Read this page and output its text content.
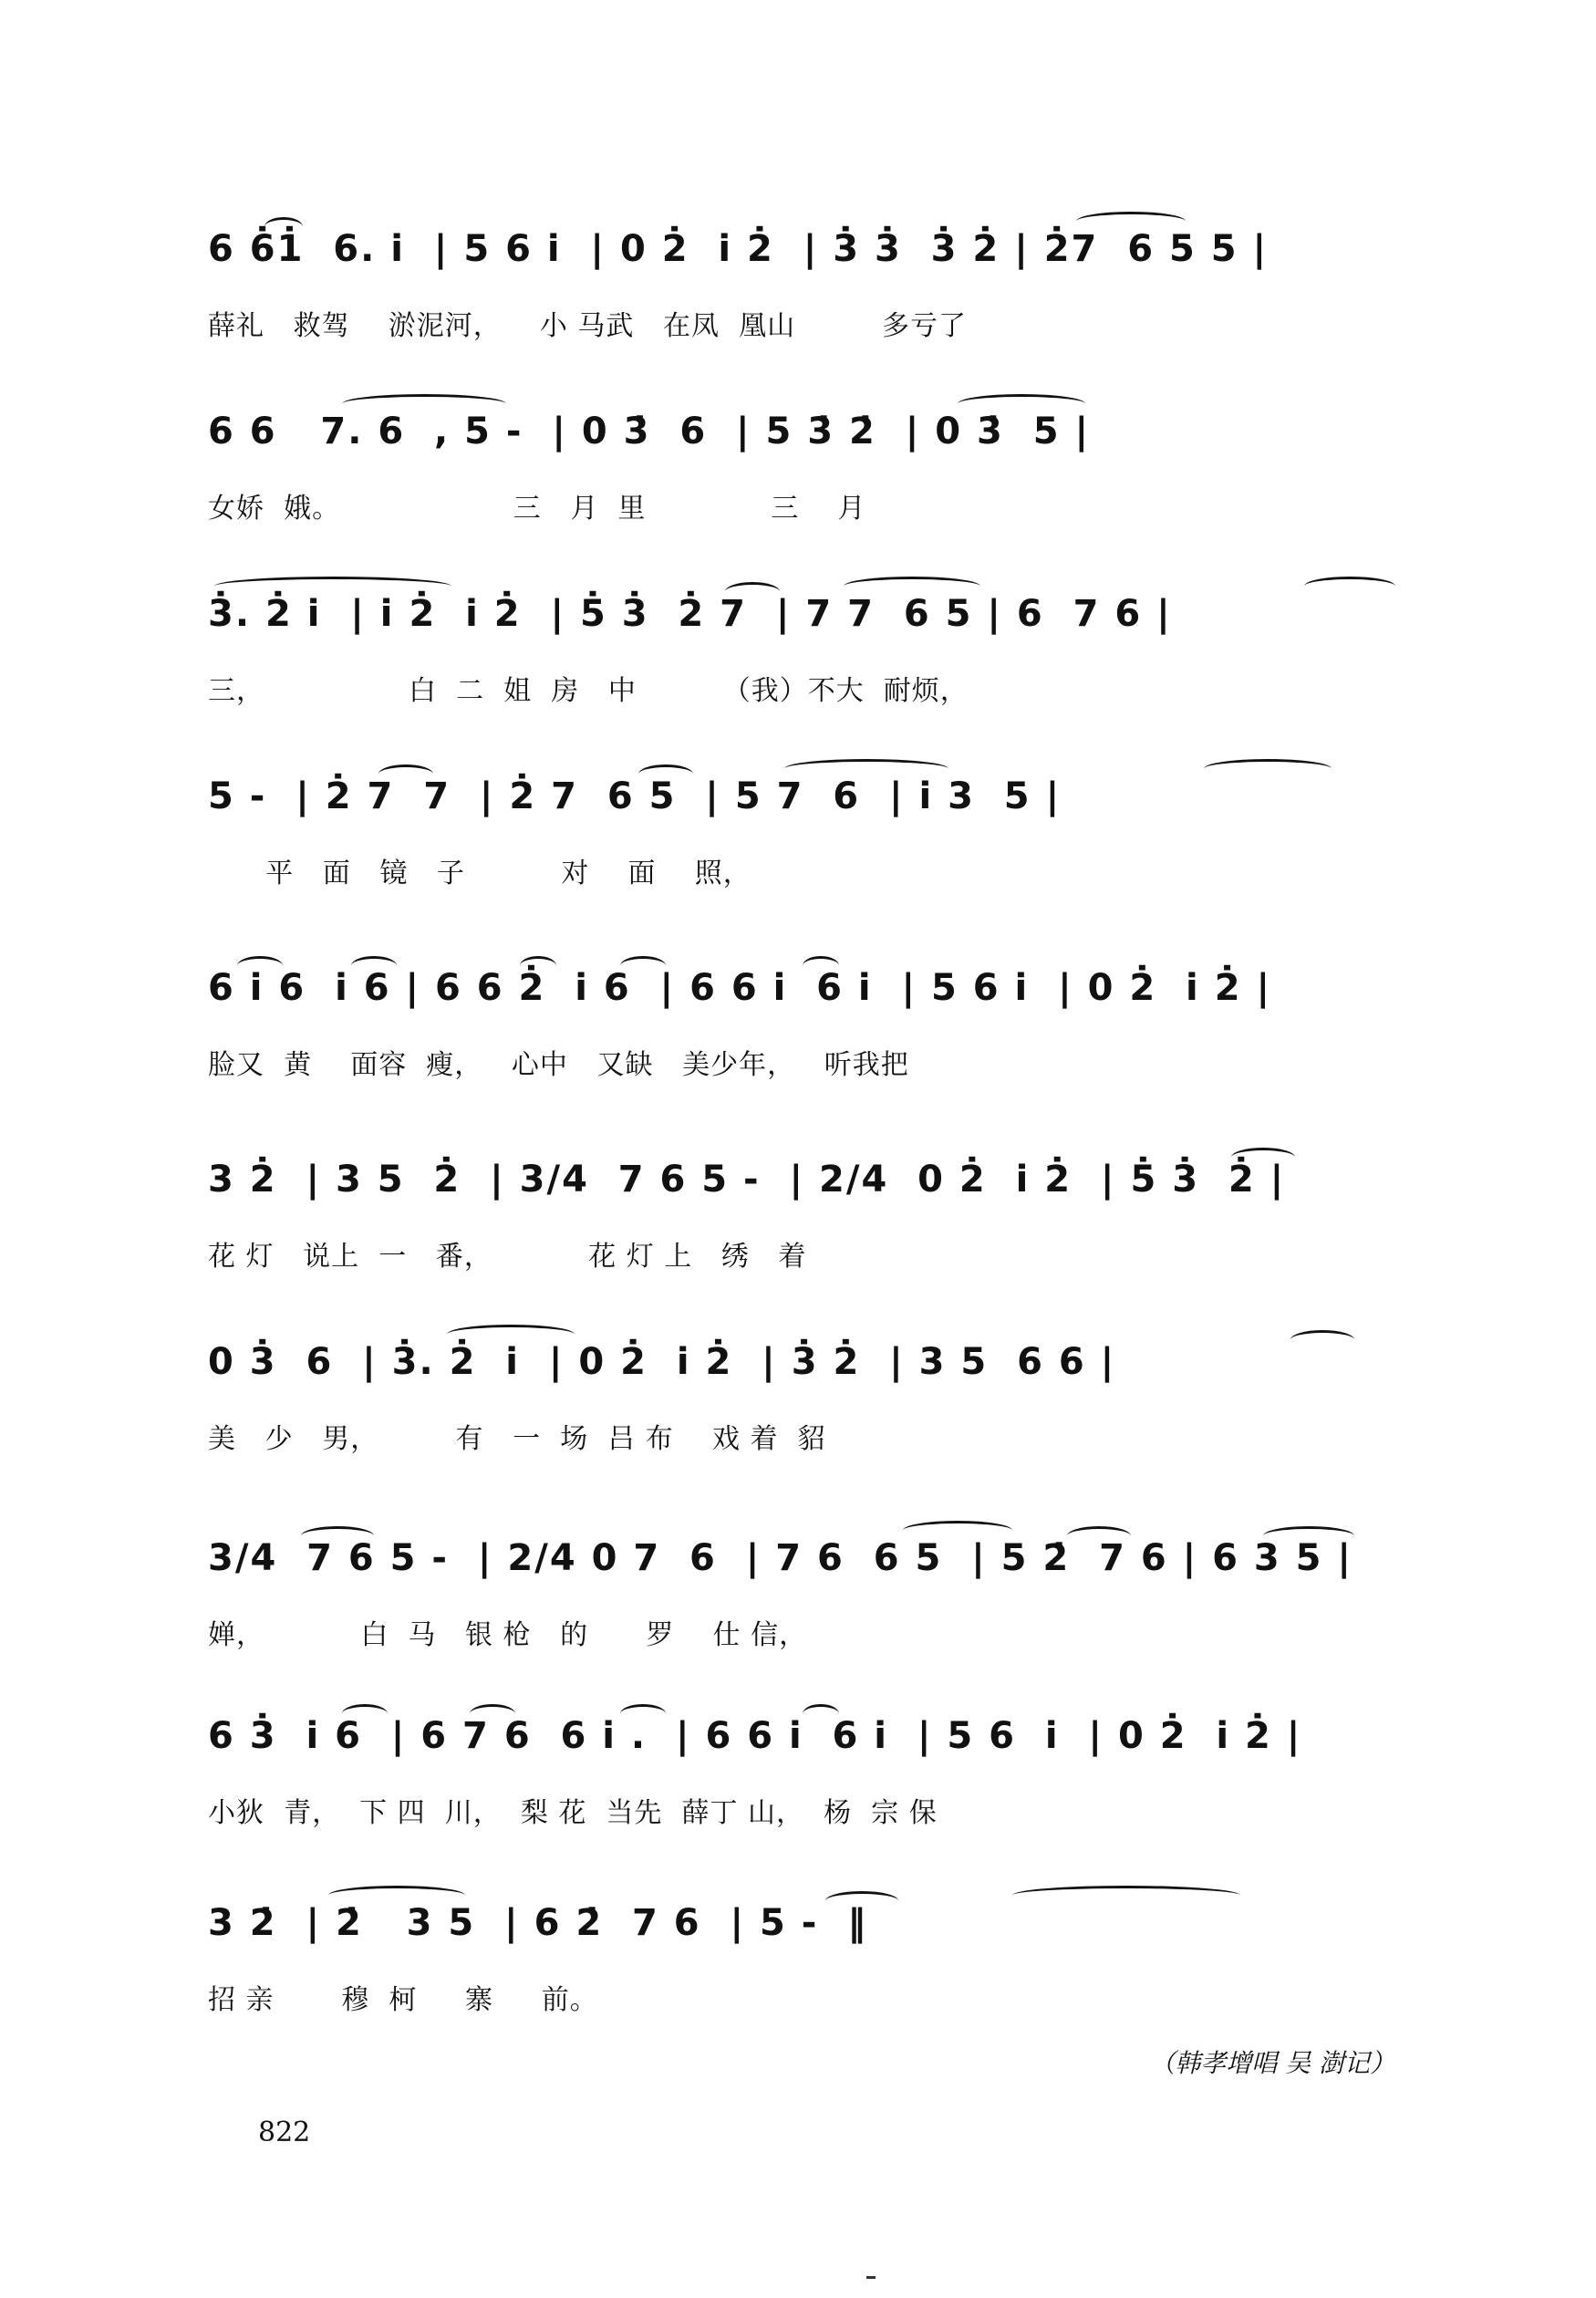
6 6̇1̇  6. i  | 5 6 i  | 0 2̇  i 2̇  | 3̇ 3̇  3̇ 2̇ | 2̇7  6 5 5 |
薛礼   救驾    淤泥河，    小 马武   在凤  凰山         多亏了
6 6   7. 6  , 5 -  | 0 3̇  6  | 5 3̇ 2̇  | 0 3̇  5 |
女娇  娥。                  三   月  里             三    月
3̇. 2̇ i  | i 2̇  i 2̇  | 5̇ 3̇  2̇ 7  | 7 7  6 5 | 6  7 6 |
三，               白  二  姐  房   中         （我）不大  耐烦，
5 -  | 2̇ 7  7  | 2̇ 7  6 5  | 5 7  6  | i 3  5 |
平   面   镜   子          对    面    照，
6 i 6  i 6 | 6 6 2̇  i 6  | 6 6 i  6 i  | 5 6 i  | 0 2̇  i 2̇ |
脸又  黄    面容  瘦，   心中   又缺   美少年，   听我把
3 2̇  | 3 5  2̇  | 3/4  7 6 5 -  | 2/4  0 2̇  i 2̇  | 5̇ 3̇  2̇ |
花 灯   说上  一   番，          花 灯 上   绣   着
0 3̇  6  | 3̇. 2̇  i  | 0 2̇  i 2̇  | 3̇ 2̇  | 3 5  6 6 |
美   少   男，        有   一  场  吕 布    戏 着  貂
3/4  7 6 5 -  | 2/4 0 7  6  | 7 6  6 5  | 5 2̇  7 6 | 6 3 5 |
婵，          白  马   银 枪   的      罗    仕 信，
6 3̇  i 6  | 6 7 6  6 i .  | 6 6 i  6 i  | 5 6  i  | 0 2̇  i 2̇ |
小狄  青，  下 四  川，  梨 花  当先  薛丁 山，  杨  宗 保
3 2̇  | 2̇   3 5  | 6 2̇  7 6  | 5 -  ‖
招 亲       穆  柯     寨     前。
（韩孝增唱 吴 澍记）
822
